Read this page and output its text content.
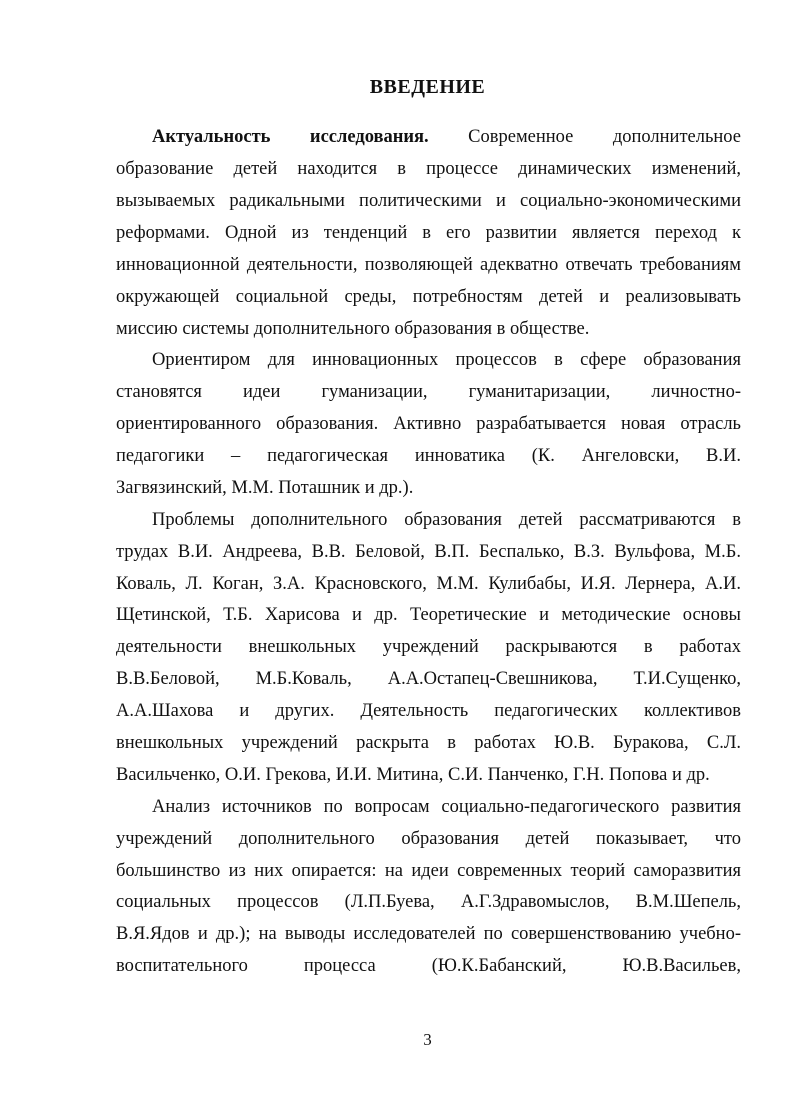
ВВЕДЕНИЕ
Актуальность исследования. Современное дополнительное
образование детей находится в процессе динамических изменений,
вызываемых радикальными политическими и социально-экономическими
реформами. Одной из тенденций в его развитии является переход к
инновационной деятельности, позволяющей адекватно отвечать требованиям
окружающей социальной среды, потребностям детей и реализовывать
миссию системы дополнительного образования в обществе.
Ориентиром для инновационных процессов в сфере образования
становятся идеи гуманизации, гуманитаризации, личностно-
ориентированного образования. Активно разрабатывается новая отрасль
педагогики – педагогическая инноватика (К. Ангеловски, В.И.
Загвязинский, М.М. Поташник и др.).
Проблемы дополнительного образования детей рассматриваются в
трудах В.И. Андреева, В.В. Беловой, В.П. Беспалько, В.З. Вульфова, М.Б.
Коваль, Л. Коган, З.А. Красновского, М.М. Кулибабы, И.Я. Лернера, А.И.
Щетинской, Т.Б. Харисова и др. Теоретические и методические основы
деятельности внешкольных учреждений раскрываются в работах
В.В.Беловой, М.Б.Коваль, А.А.Остапец-Свешникова, Т.И.Сущенко,
А.А.Шахова и других. Деятельность педагогических коллективов
внешкольных учреждений раскрыта в работах Ю.В. Буракова, С.Л.
Васильченко, О.И. Грекова, И.И. Митина, С.И. Панченко, Г.Н. Попова и др.
Анализ источников по вопросам социально-педагогического развития
учреждений дополнительного образования детей показывает, что
большинство из них опирается: на идеи современных теорий саморазвития
социальных процессов (Л.П.Буева, А.Г.Здравомыслов, В.М.Шепель,
В.Я.Ядов и др.); на выводы исследователей по совершенствованию учебно-
воспитательного процесса (Ю.К.Бабанский, Ю.В.Васильев,
3
